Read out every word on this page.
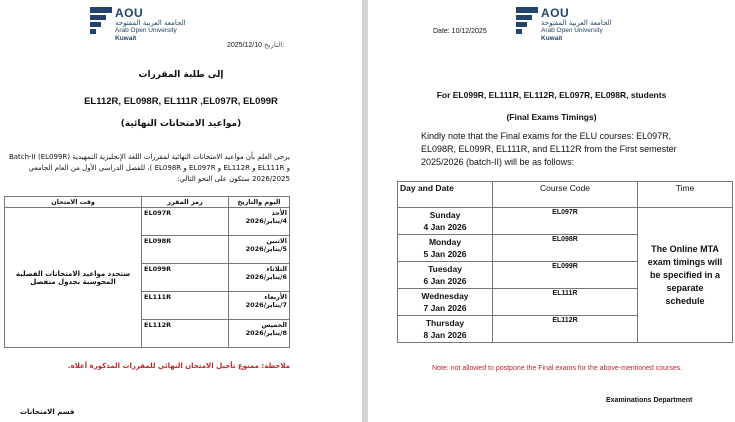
AOU
الجامعة العربية المفتوحة
Arab Open University
Kuwait
2025/12/10 التاريخ:
إلى طلبة المقررات
EL112R, EL098R, EL111R ,EL097R, EL099R
(مواعيد الامتحانات النهائية)
يرجى العلم بأن مواعيد الامتحانات النهائية لمقررات اللغة الإنجليزية التمهيدية (EL099R) Batch-II
و EL111R و EL112R و EL097R و EL098R )، للفصل الدراسي الأول من العام الجامعي
2026/2025 ستكون على النحو التالي:
اليوم والتاريخ	رمز المقرر	وقت الامتحان

الأحد
4/يناير/2026	EL097R	ستحدد مواعيد الامتحانات الفصلية المحوسبة بجدول منفصل

الاثنين
5/يناير/2026	EL098R	

الثلاثاء
6/يناير/2026	EL099R	

الأربعاء
7/يناير/2026	EL111R	

الخميس
8/يناير/2026	EL112R	
ملاحظة: ممنوع تأجيل الامتحان النهائي للمقررات المذكورة أعلاه.
قسم الامتحانات
AOU
الجامعة العربية المفتوحة
Arab Open University
Kuwait
Date: 10/12/2025
For EL099R, EL111R, EL112R, EL097R, EL098R, students
(Final Exams Timings)
Kindly note that the Final exams for the ELU courses: EL097R, EL098R, EL099R, EL111R, and EL112R from the First semester 2025/2026 (batch-II) will be as follows:
Day and Date	Course Code	Time

Sunday
4 Jan 2026	EL097R	The Online MTA exam timings will be specified in a separate schedule

Monday
5 Jan 2026	EL098R	

Tuesday
6 Jan 2026	EL099R	

Wednesday
7 Jan 2026	EL111R	

Thursday
8 Jan 2026	EL112R	
Note: not allowed to postpone the Final exams for the above-mentioned courses.
Examinations Department
